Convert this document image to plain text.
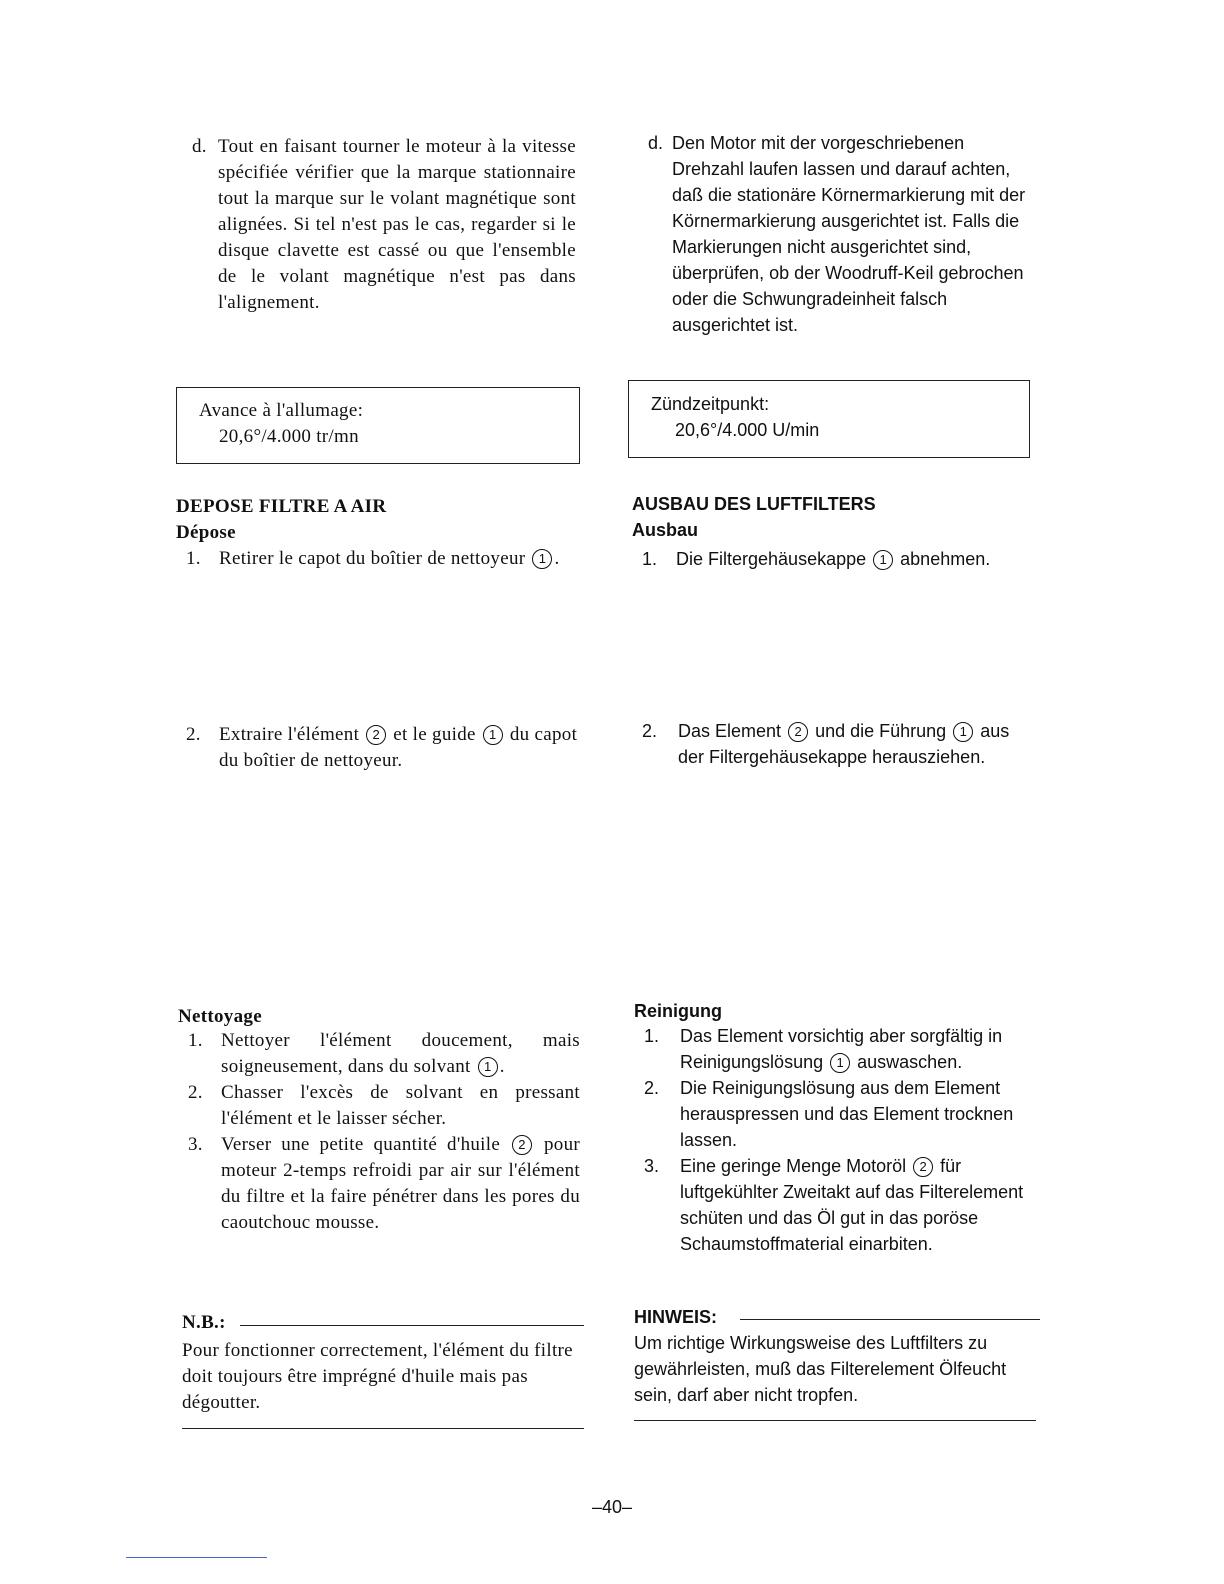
d. Tout en faisant tourner le moteur à la vitesse spécifiée vérifier que la marque stationnaire tout la marque sur le volant magnétique sont alignées. Si tel n'est pas le cas, regarder si le disque clavette est cassé ou que l'ensemble de le volant magnétique n'est pas dans l'alignement.
Avance à l'allumage:
20,6°/4.000 tr/mn
DEPOSE FILTRE A AIR
Dépose
1. Retirer le capot du boîtier de nettoyeur 1 .
2. Extraire l'élément 2 et le guide 1 du capot du boîtier de nettoyeur.
Nettoyage
1. Nettoyer l'élément doucement, mais soigneusement, dans du solvant 1 .
2. Chasser l'excès de solvant en pressant l'élément et le laisser sécher.
3. Verser une petite quantité d'huile 2 pour moteur 2-temps refroidi par air sur l'élément du filtre et la faire pénétrer dans les pores du caoutchouc mousse.
N.B.:
Pour fonctionner correctement, l'élément du filtre doit toujours être imprégné d'huile mais pas dégoutter.
d. Den Motor mit der vorgeschriebenen Drehzahl laufen lassen und darauf achten, daß die stationäre Körnermarkierung mit der Körnermarkierung ausgerichtet ist. Falls die Markierungen nicht ausgerichtet sind, überprüfen, ob der Woodruff-Keil gebrochen oder die Schwungradeinheit falsch ausgerichtet ist.
Zündzeitpunkt:
20,6°/4.000 U/min
AUSBAU DES LUFTFILTERS
Ausbau
1.	Die Filtergehäusekappe 1 abnehmen.
2.	Das Element 2 und die Führung 1 aus der Filtergehäusekappe herausziehen.
Reinigung
1.	Das Element vorsichtig aber sorgfältig in Reinigungslösung 1 auswaschen.
2.	Die Reinigungslösung aus dem Element herauspressen und das Element trocknen lassen.
3.	Eine geringe Menge Motoröl 2 für luftgekühlter Zweitakt auf das Filterelement schüten und das Öl gut in das poröse Schaumstoffmaterial einarbiten.
HINWEIS:
Um richtige Wirkungsweise des Luftfilters zu gewährleisten, muß das Filterelement Ölfeucht sein, darf aber nicht tropfen.
–40–
